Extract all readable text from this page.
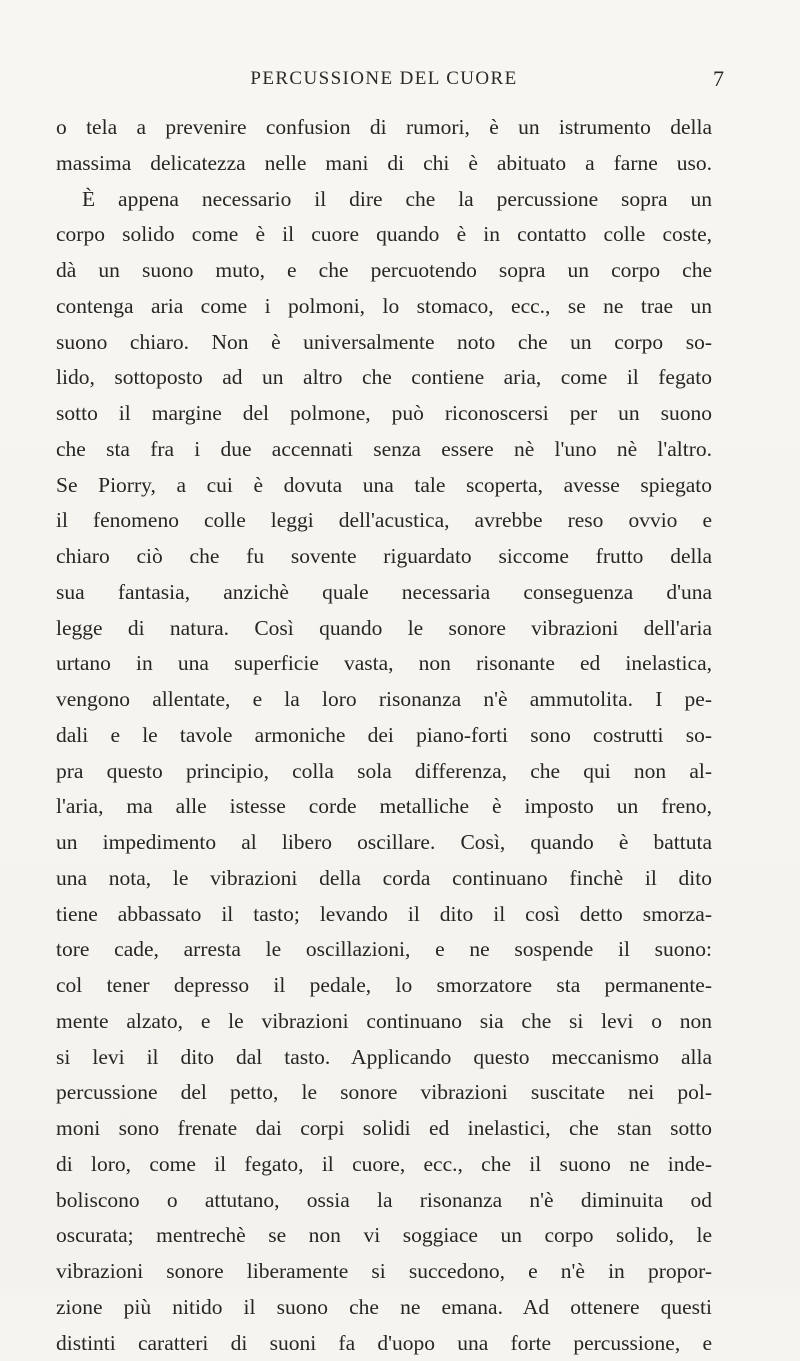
PERCUSSIONE DEL CUORE	7
o tela a prevenire confusion di rumori, è un istrumento della
massima delicatezza nelle mani di chi è abituato a farne uso.
È appena necessario il dire che la percussione sopra un
corpo solido come è il cuore quando è in contatto colle coste,
dà un suono muto, e che percuotendo sopra un corpo che
contenga aria come i polmoni, lo stomaco, ecc., se ne trae un
suono chiaro. Non è universalmente noto che un corpo so-
lido, sottoposto ad un altro che contiene aria, come il fegato
sotto il margine del polmone, può riconoscersi per un suono
che sta fra i due accennati senza essere nè l'uno nè l'altro.
Se Piorry, a cui è dovuta una tale scoperta, avesse spiegato
il fenomeno colle leggi dell'acustica, avrebbe reso ovvio e
chiaro ciò che fu sovente riguardato siccome frutto della
sua fantasia, anzichè quale necessaria conseguenza d'una
legge di natura. Così quando le sonore vibrazioni dell'aria
urtano in una superficie vasta, non risonante ed inelastica,
vengono allentate, e la loro risonanza n'è ammutolita. I pe-
dali e le tavole armoniche dei piano-forti sono costrutti so-
pra questo principio, colla sola differenza, che qui non al-
l'aria, ma alle istesse corde metalliche è imposto un freno,
un impedimento al libero oscillare. Così, quando è battuta
una nota, le vibrazioni della corda continuano finchè il dito
tiene abbassato il tasto; levando il dito il così detto smorza-
tore cade, arresta le oscillazioni, e ne sospende il suono:
col tener depresso il pedale, lo smorzatore sta permanente-
mente alzato, e le vibrazioni continuano sia che si levi o non
si levi il dito dal tasto. Applicando questo meccanismo alla
percussione del petto, le sonore vibrazioni suscitate nei pol-
moni sono frenate dai corpi solidi ed inelastici, che stan sotto
di loro, come il fegato, il cuore, ecc., che il suono ne inde-
boliscono o attutano, ossia la risonanza n'è diminuita od
oscurata; mentrechè se non vi soggiace un corpo solido, le
vibrazioni sonore liberamente si succedono, e n'è in propor-
zione più nitido il suono che ne emana. Ad ottenere questi
distinti caratteri di suoni fa d'uopo una forte percussione, e
